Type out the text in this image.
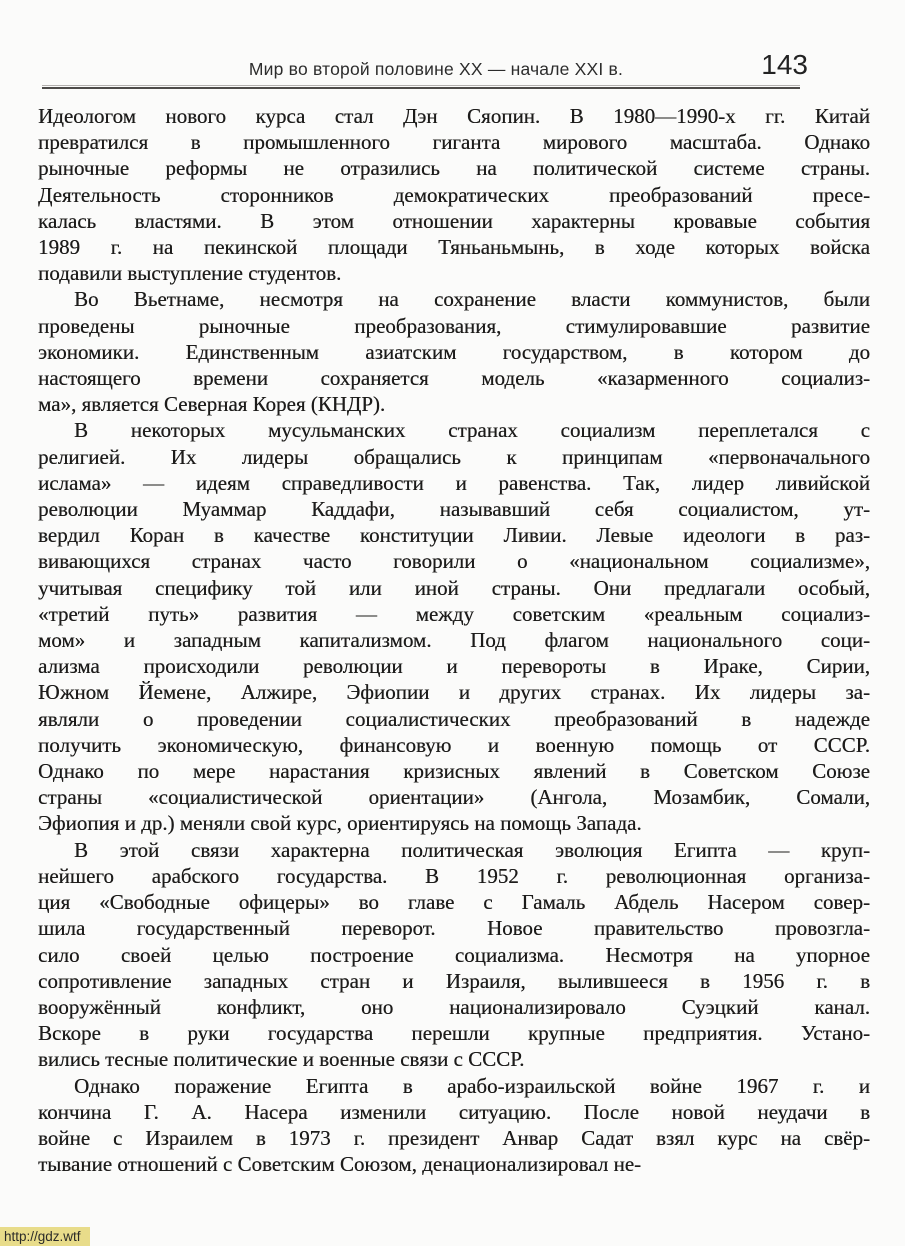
Мир во второй половине XX — начале XXI в.	143
Идеологом нового курса стал Дэн Сяопин. В 1980—1990-х гг. Китай
превратился в промышленного гиганта мирового масштаба. Однако
рыночные реформы не отразились на политической системе страны.
Деятельность сторонников демократических преобразований пресе-
калась властями. В этом отношении характерны кровавые события
1989 г. на пекинской площади Тяньаньмынь, в ходе которых войска
подавили выступление студентов.
Во Вьетнаме, несмотря на сохранение власти коммунистов, были
проведены рыночные преобразования, стимулировавшие развитие
экономики. Единственным азиатским государством, в котором до
настоящего времени сохраняется модель «казарменного социализ-
ма», является Северная Корея (КНДР).
В некоторых мусульманских странах социализм переплетался с
религией. Их лидеры обращались к принципам «первоначального
ислама» — идеям справедливости и равенства. Так, лидер ливийской
революции Муаммар Каддафи, называвший себя социалистом, ут-
вердил Коран в качестве конституции Ливии. Левые идеологи в раз-
вивающихся странах часто говорили о «национальном социализме»,
учитывая специфику той или иной страны. Они предлагали особый,
«третий путь» развития — между советским «реальным социализ-
мом» и западным капитализмом. Под флагом национального соци-
ализма происходили революции и перевороты в Ираке, Сирии,
Южном Йемене, Алжире, Эфиопии и других странах. Их лидеры за-
являли о проведении социалистических преобразований в надежде
получить экономическую, финансовую и военную помощь от СССР.
Однако по мере нарастания кризисных явлений в Советском Союзе
страны «социалистической ориентации» (Ангола, Мозамбик, Сомали,
Эфиопия и др.) меняли свой курс, ориентируясь на помощь Запада.
В этой связи характерна политическая эволюция Египта — круп-
нейшего арабского государства. В 1952 г. революционная организа-
ция «Свободные офицеры» во главе с Гамаль Абдель Насером совер-
шила государственный переворот. Новое правительство провозгла-
сило своей целью построение социализма. Несмотря на упорное
сопротивление западных стран и Израиля, вылившееся в 1956 г. в
вооружённый конфликт, оно национализировало Суэцкий канал.
Вскоре в руки государства перешли крупные предприятия. Устано-
вились тесные политические и военные связи с СССР.
Однако поражение Египта в арабо-израильской войне 1967 г. и
кончина Г. А. Насера изменили ситуацию. После новой неудачи в
войне с Израилем в 1973 г. президент Анвар Садат взял курс на свёр-
тывание отношений с Советским Союзом, денационализировал не-
http://gdz.wtf
